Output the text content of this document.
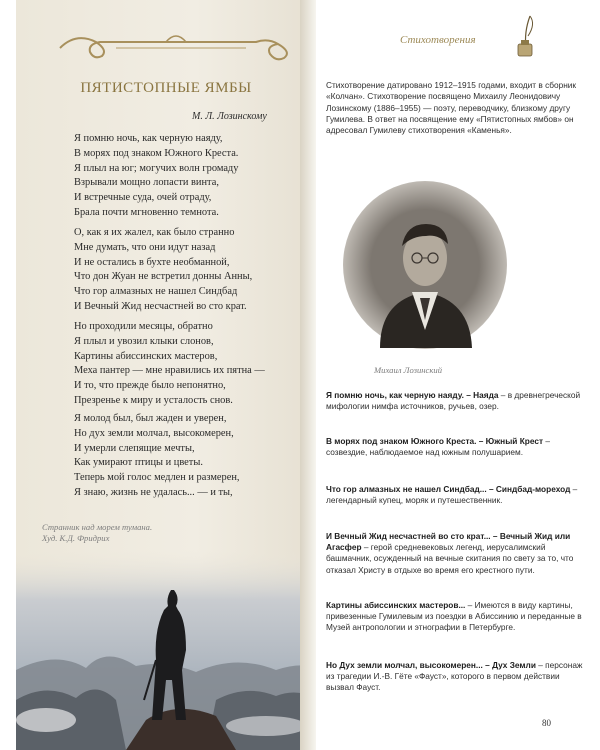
ПЯТИСТОПНЫЕ ЯМБЫ
М. Л. Лозинскому
Я помню ночь, как черную наяду,
В морях под знаком Южного Креста.
Я плыл на юг; могучих волн громаду
Взрывали мощно лопасти винта,
И встречные суда, очей отраду,
Брала почти мгновенно темнота.
О, как я их жалел, как было странно
Мне думать, что они идут назад
И не остались в бухте необманной,
Что дон Жуан не встретил донны Анны,
Что гор алмазных не нашел Синдбад
И Вечный Жид несчастней во сто крат.
Но проходили месяцы, обратно
Я плыл и увозил клыки слонов,
Картины абиссинских мастеров,
Меха пантер — мне нравились их пятна —
И то, что прежде было непонятно,
Презренье к миру и усталость снов.
Я молод был, был жаден и уверен,
Но дух земли молчал, высокомерен,
И умерли слепящие мечты,
Как умирают птицы и цветы.
Теперь мой голос медлен и размерен,
Я знаю, жизнь не удалась... — и ты,
Странник над морем тумана.
Худ. К.Д. Фридрих
Стихотворения
Стихотворение датировано 1912–1915 годами, входит в сборник «Колчан». Стихотворение посвящено Михаилу Леонидовичу Лозинскому (1886–1955) — поэту, переводчику, близкому другу Гумилева. В ответ на посвящение ему «Пятистопных ямбов» он адресовал Гумилеву стихотворения «Каменья».
Михаил Лозинский
Я помню ночь, как черную наяду. – Наяда – в древнегреческой мифологии нимфа источников, ручьев, озер.
В морях под знаком Южного Креста. – Южный Крест – созвездие, наблюдаемое над южным полушарием.
Что гор алмазных не нашел Синдбад... – Синдбад-мореход – легендарный купец, моряк и путешественник.
И Вечный Жид несчастней во сто крат... – Вечный Жид или Агасфер – герой средневековых легенд, иерусалимский башмачник, осужденный на вечные скитания по свету за то, что отказал Христу в отдыхе во время его крестного пути.
Картины абиссинских мастеров... – Имеются в виду картины, привезенные Гумилевым из поездки в Абиссинию и переданные в Музей антропологии и этнографии в Петербурге.
Но Дух земли молчал, высокомерен... – Дух Земли – персонаж из трагедии И.-В. Гёте «Фауст», которого в первом действии вызвал Фауст.
80
